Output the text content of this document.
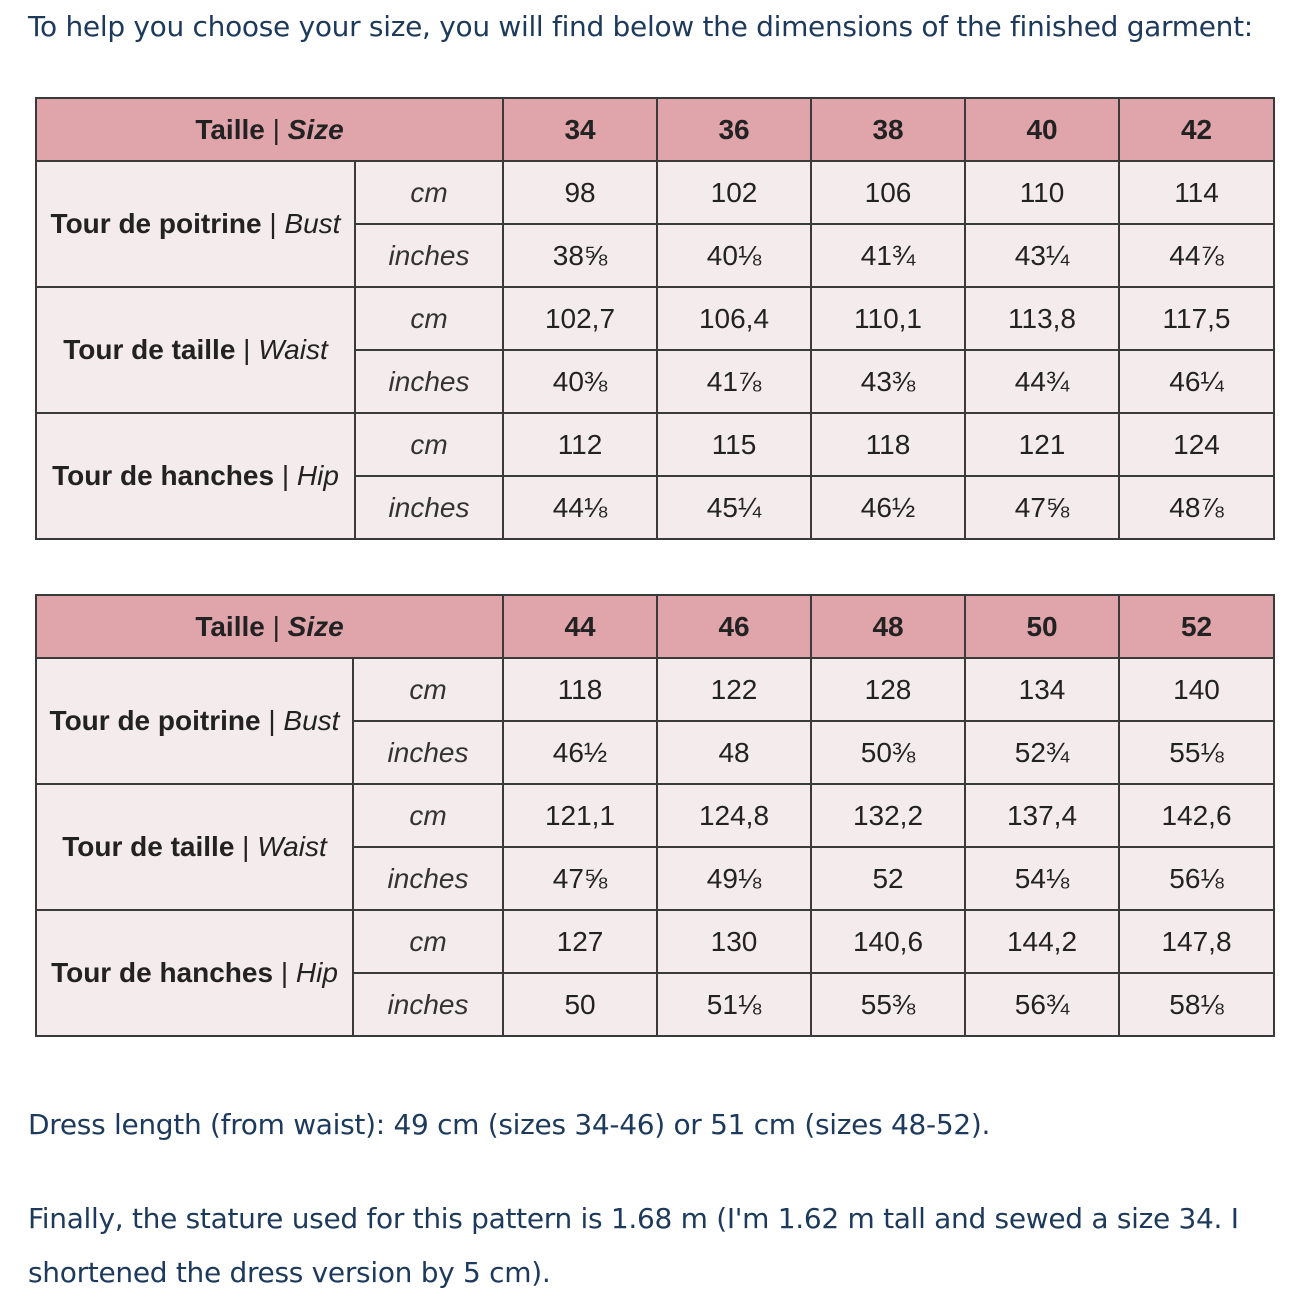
To help you choose your size, you will find below the dimensions of the finished garment:

Taille | Size		34	36	38	40	42
Tour de poitrine | Bust	cm	98	102	106	110	114
	inches	38⅝	40⅛	41¾	43¼	44⅞
Tour de taille | Waist	cm	102,7	106,4	110,1	113,8	117,5
	inches	40⅜	41⅞	43⅜	44¾	46¼
Tour de hanches | Hip	cm	112	115	118	121	124
	inches	44⅛	45¼	46½	47⅝	48⅞
Taille | Size		44	46	48	50	52
Tour de poitrine | Bust	cm	118	122	128	134	140
	inches	46½	48	50⅜	52¾	55⅛
Tour de taille | Waist	cm	121,1	124,8	132,2	137,4	142,6
	inches	47⅝	49⅛	52	54⅛	56⅛
Tour de hanches | Hip	cm	127	130	140,6	144,2	147,8
	inches	50	51⅛	55⅜	56¾	58⅛

Dress length (from waist): 49 cm (sizes 34-46) or 51 cm (sizes 48-52).

Finally, the stature used for this pattern is 1.68 m (I'm 1.62 m tall and sewed a size 34. I shortened the dress version by 5 cm).
